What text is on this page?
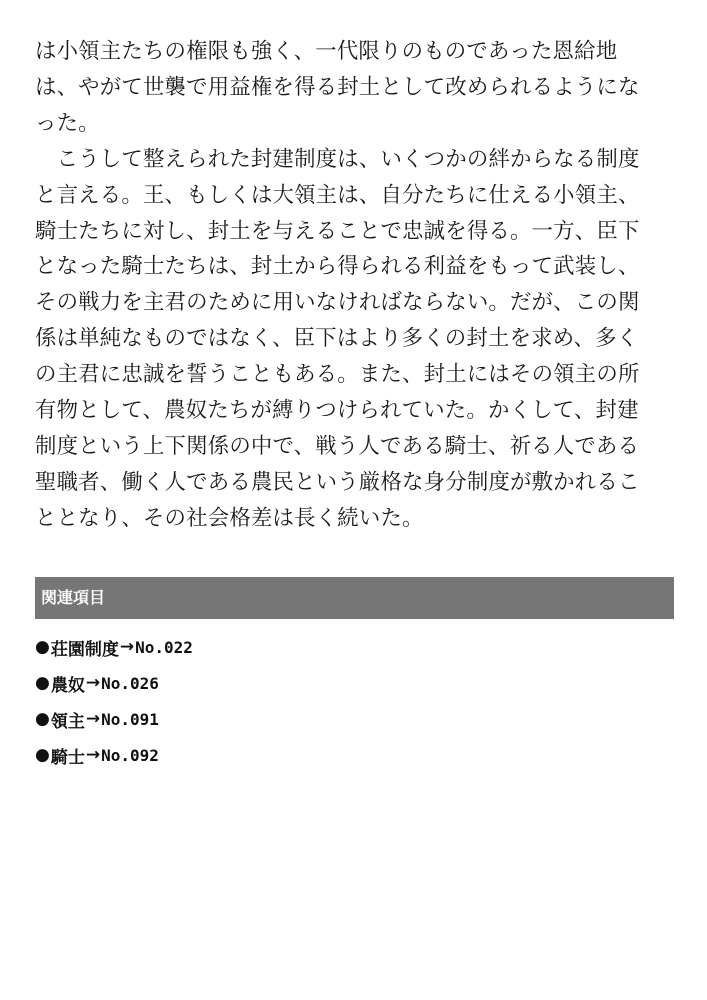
は小領主たちの権限も強く、一代限りのものであった恩給地
は、やがて世襲で用益権を得る封土として改められるようにな
った。
　こうして整えられた封建制度は、いくつかの絆からなる制度
と言える。王、もしくは大領主は、自分たちに仕える小領主、
騎士たちに対し、封土を与えることで忠誠を得る。一方、臣下
となった騎士たちは、封土から得られる利益をもって武装し、
その戦力を主君のために用いなければならない。だが、この関
係は単純なものではなく、臣下はより多くの封土を求め、多く
の主君に忠誠を誓うこともある。また、封土にはその領主の所
有物として、農奴たちが縛りつけられていた。かくして、封建
制度という上下関係の中で、戦う人である騎士、祈る人である
聖職者、働く人である農民という厳格な身分制度が敷かれるこ
ととなり、その社会格差は長く続いた。

関連項目
● 荘園制度 → No.022
● 農奴 → No.026
● 領主 → No.091
● 騎士 → No.092
